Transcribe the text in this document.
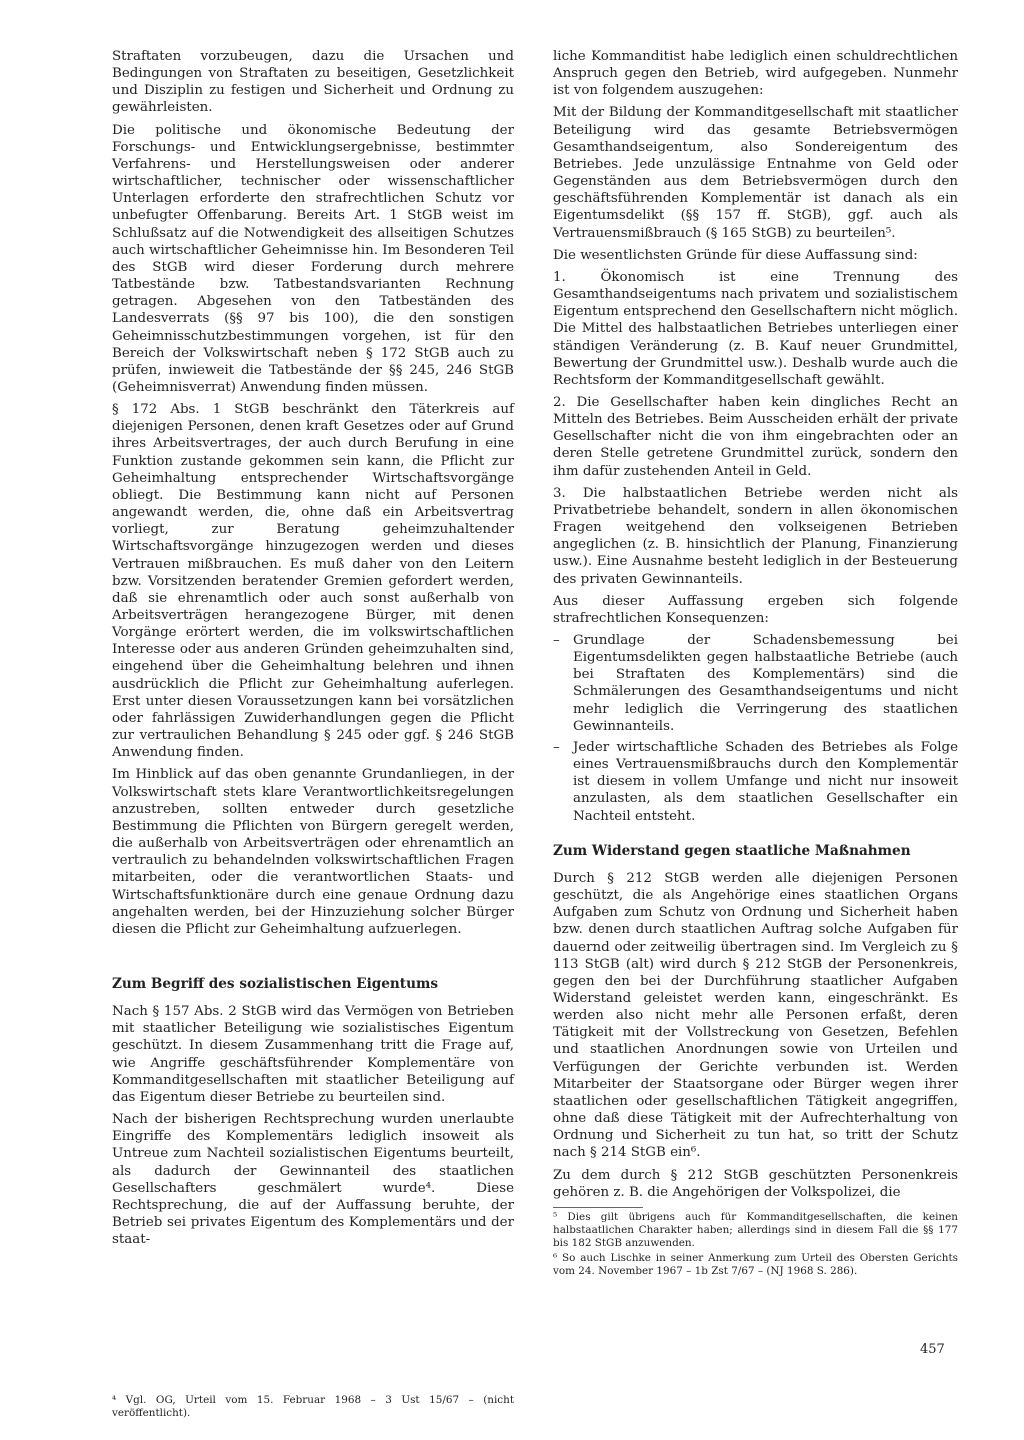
Straftaten vorzubeugen, dazu die Ursachen und Bedingungen von Straftaten zu beseitigen, Gesetzlichkeit und Disziplin zu festigen und Sicherheit und Ordnung zu gewährleisten.

Die politische und ökonomische Bedeutung der Forschungs- und Entwicklungsergebnisse, bestimmter Verfahrens- und Herstellungsweisen oder anderer wirtschaftlicher, technischer oder wissenschaftlicher Unterlagen erforderte den strafrechtlichen Schutz vor unbefugter Offenbarung. Bereits Art. 1 StGB weist im Schlußsatz auf die Notwendigkeit des allseitigen Schutzes auch wirtschaftlicher Geheimnisse hin. Im Besonderen Teil des StGB wird dieser Forderung durch mehrere Tatbestände bzw. Tatbestandsvarianten Rechnung getragen. Abgesehen von den Tatbeständen des Landesverrats (§§ 97 bis 100), die den sonstigen Geheimnisschutzbestimmungen vorgehen, ist für den Bereich der Volkswirtschaft neben § 172 StGB auch zu prüfen, inwieweit die Tatbestände der §§ 245, 246 StGB (Geheimnisverrat) Anwendung finden müssen.

§ 172 Abs. 1 StGB beschränkt den Täterkreis auf diejenigen Personen, denen kraft Gesetzes oder auf Grund ihres Arbeitsvertrages, der auch durch Berufung in eine Funktion zustande gekommen sein kann, die Pflicht zur Geheimhaltung entsprechender Wirtschaftsvorgänge obliegt. Die Bestimmung kann nicht auf Personen angewandt werden, die, ohne daß ein Arbeitsvertrag vorliegt, zur Beratung geheimzuhaltender Wirtschaftsvorgänge hinzugezogen werden und dieses Vertrauen mißbrauchen. Es muß daher von den Leitern bzw. Vorsitzenden beratender Gremien gefordert werden, daß sie ehrenamtlich oder auch sonst außerhalb von Arbeitsverträgen herangezogene Bürger, mit denen Vorgänge erörtert werden, die im volkswirtschaftlichen Interesse oder aus anderen Gründen geheimzuhalten sind, eingehend über die Geheimhaltung belehren und ihnen ausdrücklich die Pflicht zur Geheimhaltung auferlegen. Erst unter diesen Voraussetzungen kann bei vorsätzlichen oder fahrlässigen Zuwiderhandlungen gegen die Pflicht zur vertraulichen Behandlung § 245 oder ggf. § 246 StGB Anwendung finden.

Im Hinblick auf das oben genannte Grundanliegen, in der Volkswirtschaft stets klare Verantwortlichkeitsregelungen anzustreben, sollten entweder durch gesetzliche Bestimmung die Pflichten von Bürgern geregelt werden, die außerhalb von Arbeitsverträgen oder ehrenamtlich an vertraulich zu behandelnden volkswirtschaftlichen Fragen mitarbeiten, oder die verantwortlichen Staats- und Wirtschaftsfunktionäre durch eine genaue Ordnung dazu angehalten werden, bei der Hinzuziehung solcher Bürger diesen die Pflicht zur Geheimhaltung aufzuerlegen.

Zum Begriff des sozialistischen Eigentums

Nach § 157 Abs. 2 StGB wird das Vermögen von Betrieben mit staatlicher Beteiligung wie sozialistisches Eigentum geschützt. In diesem Zusammenhang tritt die Frage auf, wie Angriffe geschäftsführender Komplementäre von Kommanditgesellschaften mit staatlicher Beteiligung auf das Eigentum dieser Betriebe zu beurteilen sind.

Nach der bisherigen Rechtsprechung wurden unerlaubte Eingriffe des Komplementärs lediglich insoweit als Untreue zum Nachteil sozialistischen Eigentums beurteilt, als dadurch der Gewinnanteil des staatlichen Gesellschafters geschmälert wurde⁴. Diese Rechtsprechung, die auf der Auffassung beruhte, der Betrieb sei privates Eigentum des Komplementärs und der staat-

liche Kommanditist habe lediglich einen schuldrechtlichen Anspruch gegen den Betrieb, wird aufgegeben. Nunmehr ist von folgendem auszugehen:

Mit der Bildung der Kommanditgesellschaft mit staatlicher Beteiligung wird das gesamte Betriebsvermögen Gesamthandseigentum, also Sondereigentum des Betriebes. Jede unzulässige Entnahme von Geld oder Gegenständen aus dem Betriebsvermögen durch den geschäftsführenden Komplementär ist danach als ein Eigentumsdelikt (§§ 157 ff. StGB), ggf. auch als Vertrauensmißbrauch (§ 165 StGB) zu beurteilen⁵.

Die wesentlichsten Gründe für diese Auffassung sind:

1. Ökonomisch ist eine Trennung des Gesamthandseigentums nach privatem und sozialistischem Eigentum entsprechend den Gesellschaftern nicht möglich. Die Mittel des halbstaatlichen Betriebes unterliegen einer ständigen Veränderung (z. B. Kauf neuer Grundmittel, Bewertung der Grundmittel usw.). Deshalb wurde auch die Rechtsform der Kommanditgesellschaft gewählt.
2. Die Gesellschafter haben kein dingliches Recht an Mitteln des Betriebes. Beim Ausscheiden erhält der private Gesellschafter nicht die von ihm eingebrachten oder an deren Stelle getretene Grundmittel zurück, sondern den ihm dafür zustehenden Anteil in Geld.
3. Die halbstaatlichen Betriebe werden nicht als Privatbetriebe behandelt, sondern in allen ökonomischen Fragen weitgehend den volkseigenen Betrieben angeglichen (z. B. hinsichtlich der Planung, Finanzierung usw.). Eine Ausnahme besteht lediglich in der Besteuerung des privaten Gewinnanteils.

Aus dieser Auffassung ergeben sich folgende strafrechtlichen Konsequenzen:

– Grundlage der Schadensbemessung bei Eigentumsdelikten gegen halbstaatliche Betriebe (auch bei Straftaten des Komplementärs) sind die Schmälerungen des Gesamthandseigentums und nicht mehr lediglich die Verringerung des staatlichen Gewinnanteils.
– Jeder wirtschaftliche Schaden des Betriebes als Folge eines Vertrauensmißbrauchs durch den Komplementär ist diesem in vollem Umfange und nicht nur insoweit anzulasten, als dem staatlichen Gesellschafter ein Nachteil entsteht.
Zum Widerstand gegen staatliche Maßnahmen

Durch § 212 StGB werden alle diejenigen Personen geschützt, die als Angehörige eines staatlichen Organs Aufgaben zum Schutz von Ordnung und Sicherheit haben bzw. denen durch staatlichen Auftrag solche Aufgaben für dauernd oder zeitweilig übertragen sind. Im Vergleich zu § 113 StGB (alt) wird durch § 212 StGB der Personenkreis, gegen den bei der Durchführung staatlicher Aufgaben Widerstand geleistet werden kann, eingeschränkt. Es werden also nicht mehr alle Personen erfaßt, deren Tätigkeit mit der Vollstreckung von Gesetzen, Befehlen und staatlichen Anordnungen sowie von Urteilen und Verfügungen der Gerichte verbunden ist. Werden Mitarbeiter der Staatsorgane oder Bürger wegen ihrer staatlichen oder gesellschaftlichen Tätigkeit angegriffen, ohne daß diese Tätigkeit mit der Aufrechterhaltung von Ordnung und Sicherheit zu tun hat, so tritt der Schutz nach § 214 StGB ein⁶.

Zu dem durch § 212 StGB geschützten Personenkreis gehören z. B. die Angehörigen der Volkspolizei, die

⁵ Dies gilt übrigens auch für Kommanditgesellschaften, die keinen halbstaatlichen Charakter haben; allerdings sind in diesem Fall die §§ 177 bis 182 StGB anzuwenden.

⁶ So auch Lischke in seiner Anmerkung zum Urteil des Obersten Gerichts vom 24. November 1967 – 1b Zst 7/67 – (NJ 1968 S. 286).

⁴ Vgl. OG, Urteil vom 15. Februar 1968 – 3 Ust 15/67 – (nicht veröffentlicht).
457
